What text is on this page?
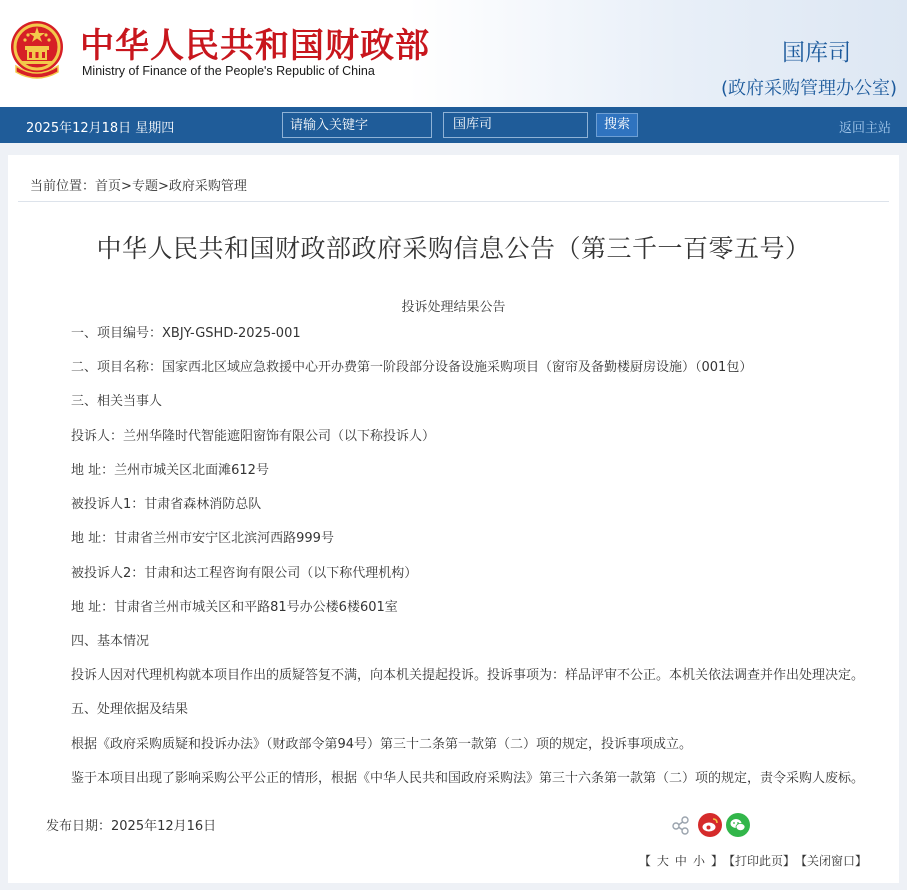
中华人民共和国财政部
Ministry of Finance of the People's Republic of China
国库司
(政府采购管理办公室)
2025年12月18日 星期四
请输入关键字	国库司	搜索	返回主站
当前位置：首页>专题>政府采购管理
中华人民共和国财政部政府采购信息公告（第三千一百零五号）
投诉处理结果公告
一、项目编号：XBJY-GSHD-2025-001
二、项目名称：国家西北区域应急救援中心开办费第一阶段部分设备设施采购项目（窗帘及备勤楼厨房设施）（001包）
三、相关当事人
投诉人：兰州华隆时代智能遮阳窗饰有限公司（以下称投诉人）
地 址：兰州市城关区北面滩612号
被投诉人1：甘肃省森林消防总队
地 址：甘肃省兰州市安宁区北滨河西路999号
被投诉人2：甘肃和达工程咨询有限公司（以下称代理机构）
地 址：甘肃省兰州市城关区和平路81号办公楼6楼601室
四、基本情况
投诉人因对代理机构就本项目作出的质疑答复不满，向本机关提起投诉。投诉事项为：样品评审不公正。本机关依法调查并作出处理决定。
五、处理依据及结果
根据《政府采购质疑和投诉办法》（财政部令第94号）第三十二条第一款第（二）项的规定，投诉事项成立。
鉴于本项目出现了影响采购公平公正的情形，根据《中华人民共和国政府采购法》第三十六条第一款第（二）项的规定，责令采购人废标。
发布日期：2025年12月16日
【 大 中 小 】 【打印此页】 【关闭窗口】
